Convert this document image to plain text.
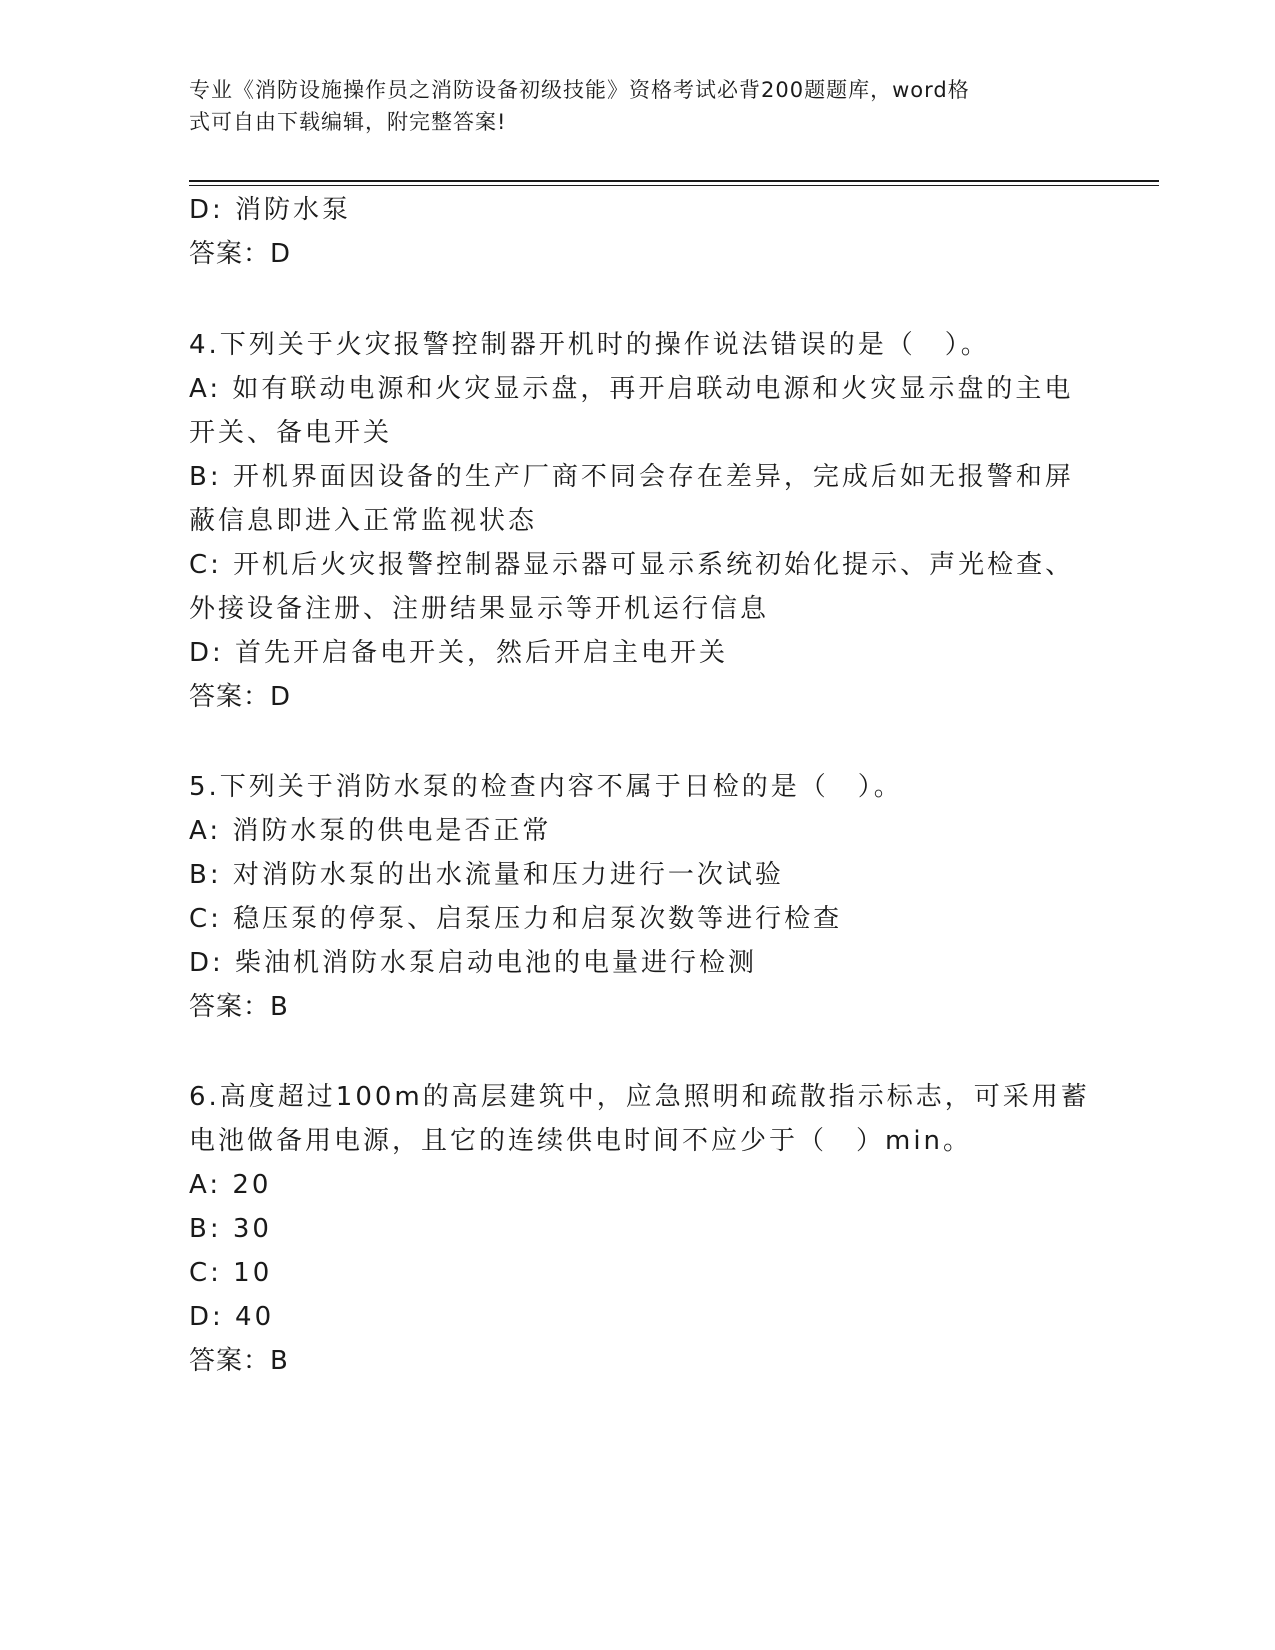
专业《消防设施操作员之消防设备初级技能》资格考试必背200题题库，word格
式可自由下载编辑，附完整答案!
D: 消防水泵
答案：D
4.下列关于火灾报警控制器开机时的操作说法错误的是（　）。
A: 如有联动电源和火灾显示盘，再开启联动电源和火灾显示盘的主电
开关、备电开关
B: 开机界面因设备的生产厂商不同会存在差异，完成后如无报警和屏
蔽信息即进入正常监视状态
C: 开机后火灾报警控制器显示器可显示系统初始化提示、声光检查、
外接设备注册、注册结果显示等开机运行信息
D: 首先开启备电开关，然后开启主电开关
答案：D
5.下列关于消防水泵的检查内容不属于日检的是（　）。
A: 消防水泵的供电是否正常
B: 对消防水泵的出水流量和压力进行一次试验
C: 稳压泵的停泵、启泵压力和启泵次数等进行检查
D: 柴油机消防水泵启动电池的电量进行检测
答案：B
6.高度超过100m的高层建筑中，应急照明和疏散指示标志，可采用蓄
电池做备用电源，且它的连续供电时间不应少于（　）min。
A: 20
B: 30
C: 10
D: 40
答案：B
